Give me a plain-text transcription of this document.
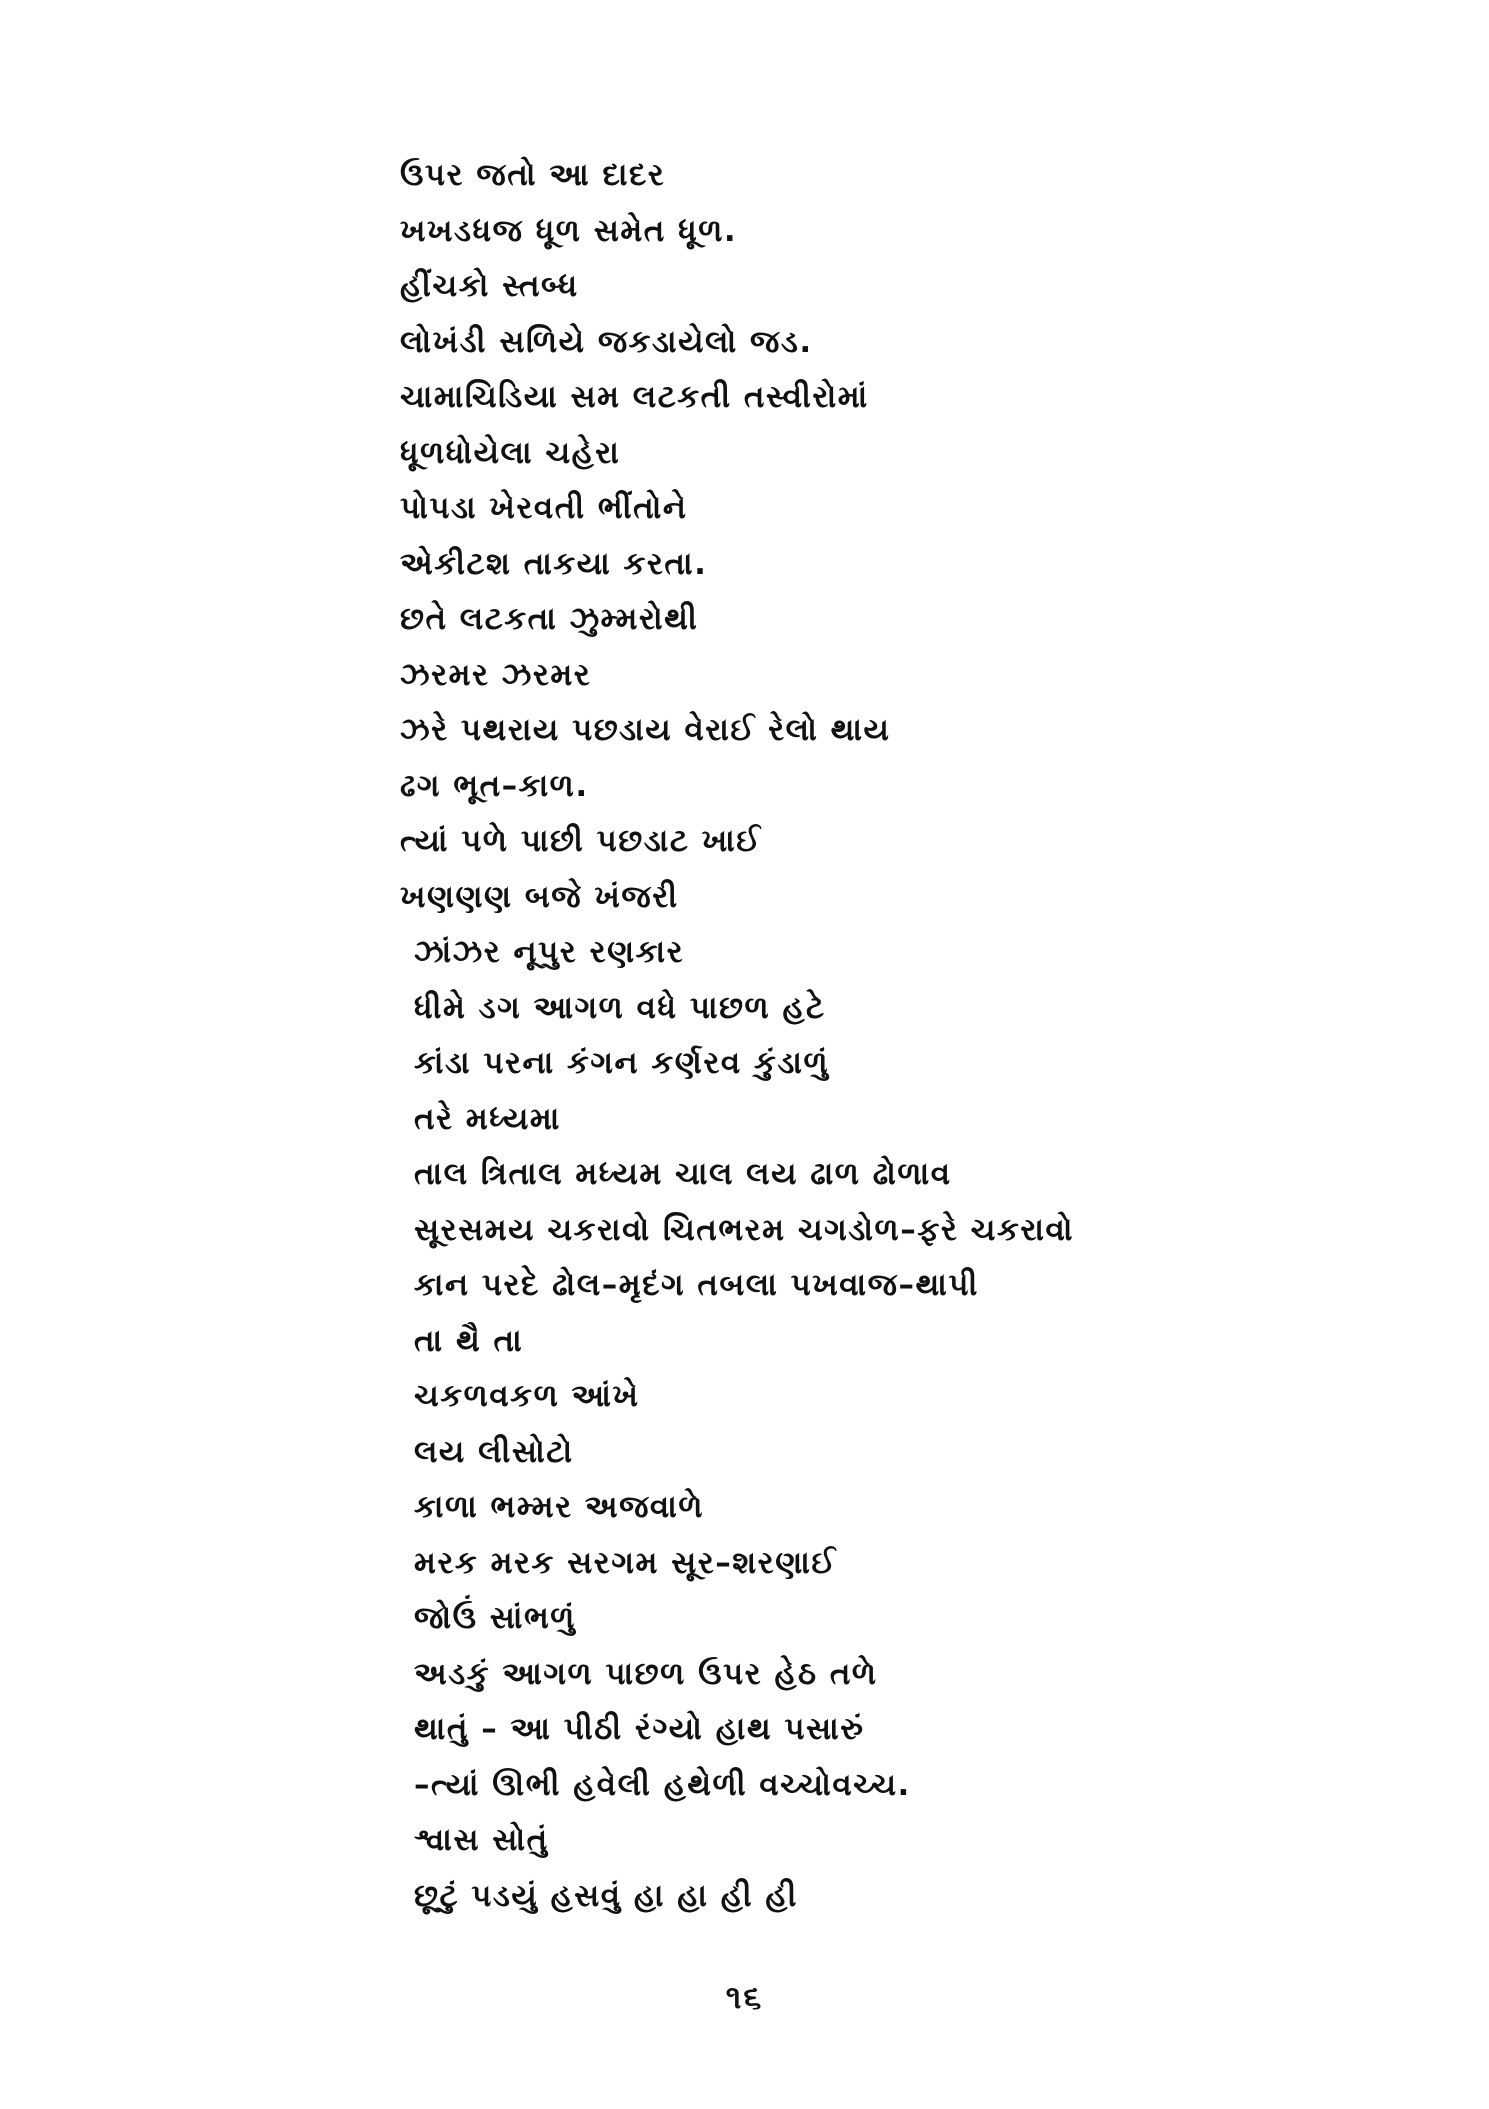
ઉપર જતો આ દાદર
ખખડધજ ધૂળ સમેત ધૂળ.
હીંચકો સ્તબ્ધ
લોખંડી સળિયે જકડાયેલો જડ.
ચામાચિડિયા સમ લટકતી તસ્વીરોમાં
ધૂળધોયેલા ચહેરા
પોપડા ખેરવતી ભીંતોને
એકીટશ તાકયા કરતા.
છતે લટકતા ઝુમ્મરોથી
ઝરમર ઝરમર
ઝરે પથરાય પછડાય વેરાઈ રેલો થાય
ઢગ ભૂત–કાળ.
ત્યાં પળે પાછી પછડાટ ખાઈ
ખણણણ બજે ખંજરી
ઝાંઝર નૂપુર રણકાર
ધીમે ડગ આગળ વધે પાછળ હટે
કાંડા પરના કંગન કર્ણરવ કુંડાળું
તરે મધ્યમા
તાલ ત્રિતાલ મધ્યમ ચાલ લય ઢાળ ઢોળાવ
સૂરસમય ચકરાવો ચિતભરમ ચગડોળ–ફરે ચકરાવો
કાન પરદે ઢોલ–મૃદંગ તબલા પખવાજ–થાપી
તા થૈ તા
ચકળવકળ આંખે
લય લીસોટો
કાળા ભમ્મર અજવાળે
મરક મરક સરગમ સૂર–શરણાઈ
જોઉં સાંભળું
અડકું આગળ પાછળ ઉપર હેઠ તળે
થાતું – આ પીઠી રંગ્યો હાથ પસારું
–ત્યાં ઊભી હવેલી હથેળી વચ્ચોવચ્ચ.
શ્વાસ સોતું
છૂટું પડયું હસવું હા હા હી હી
૧૬
